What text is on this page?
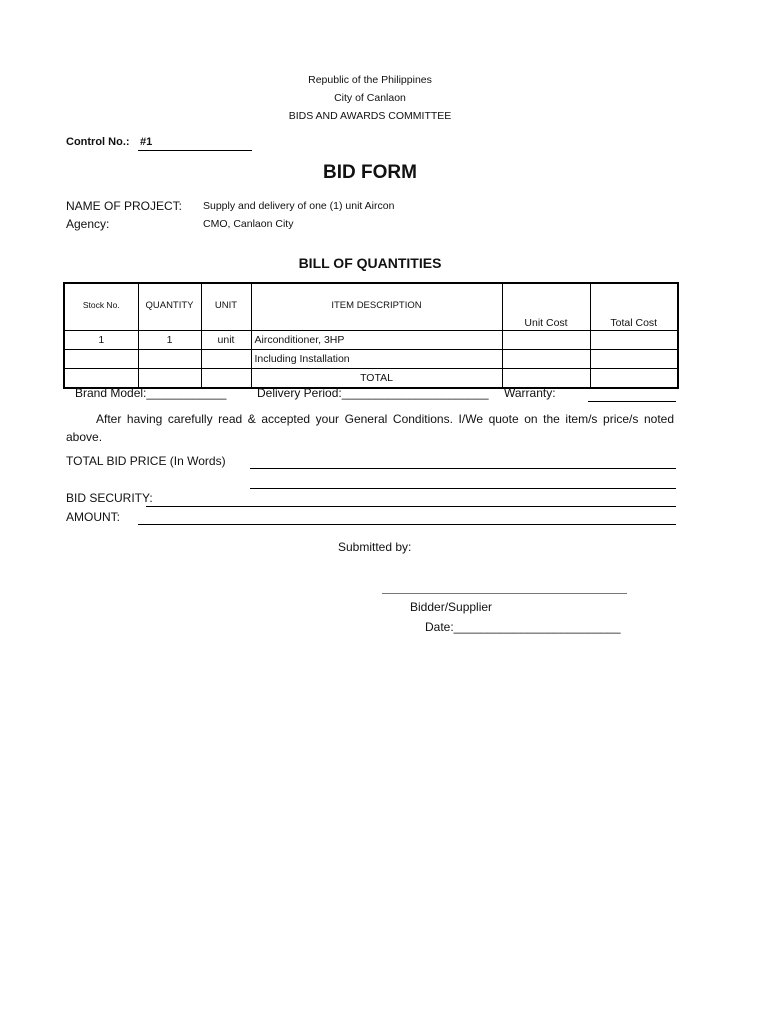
Republic of the Philippines
City of Canlaon
BIDS AND AWARDS COMMITTEE
Control No.: #1
BID FORM
NAME OF PROJECT: Supply and delivery of one (1) unit Aircon
Agency:	CMO, Canlaon City
BILL OF QUANTITIES
Stock No.	QUANTITY	UNIT	ITEM DESCRIPTION	Unit Cost	Total Cost
1	1	unit	Airconditioner, 3HP		
			Including Installation		
			TOTAL		
Brand Model:____________	Delivery Period:______________________ Warranty:
After having carefully read & accepted your General Conditions. I/We quote on the item/s price/s noted above.
TOTAL BID PRICE (In Words)
BID SECURITY:
AMOUNT:
Submitted by:
Bidder/Supplier
Date:_________________________
